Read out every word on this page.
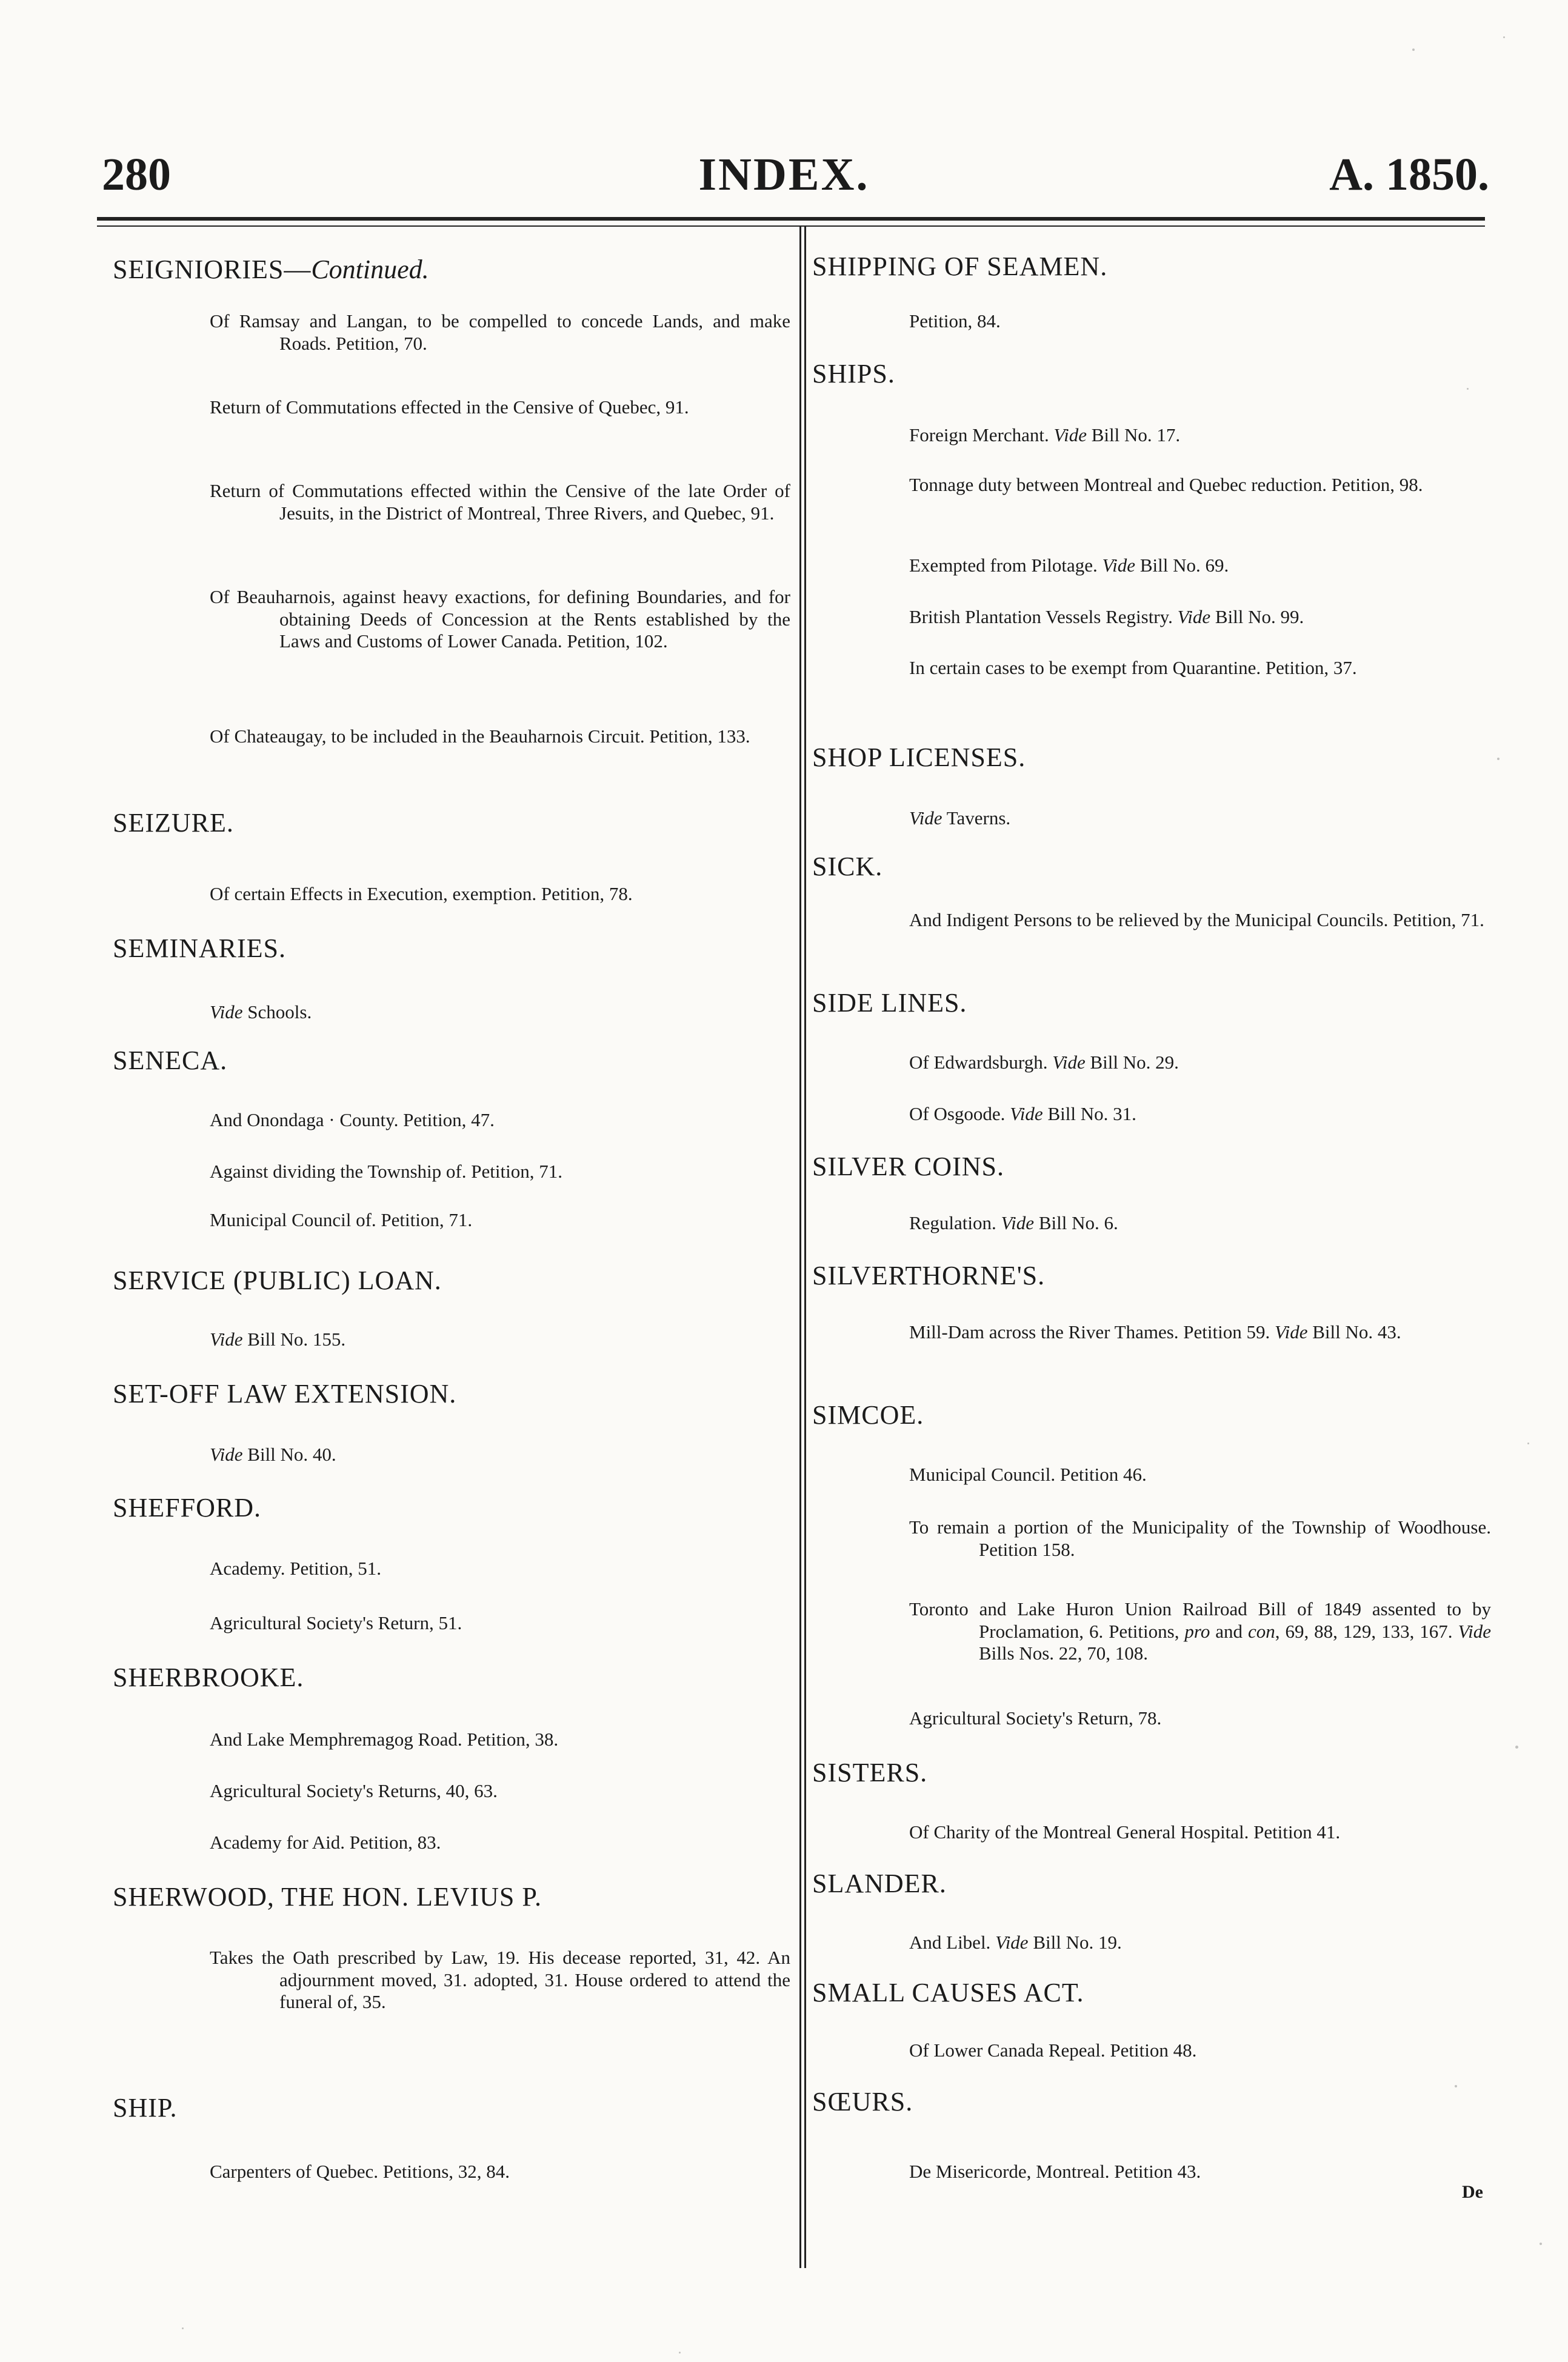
280	INDEX.	A. 1850.
SEIGNIORIES—Continued.

Of Ramsay and Langan, to be compelled to concede Lands, and make Roads. Petition, 70.

Return of Commutations effected in the Censive of Quebec, 91.

Return of Commutations effected within the Censive of the late Order of Jesuits, in the District of Montreal, Three Rivers, and Quebec, 91.

Of Beauharnois, against heavy exactions, for defining Boundaries, and for obtaining Deeds of Concession at the Rents established by the Laws and Customs of Lower Canada. Petition, 102.

Of Chateaugay, to be included in the Beauharnois Circuit. Petition, 133.

SEIZURE.

Of certain Effects in Execution, exemption. Petition, 78.

SEMINARIES.

Vide Schools.

SENECA.

And Onondaga · County. Petition, 47.

Against dividing the Township of. Petition, 71.

Municipal Council of. Petition, 71.

SERVICE (PUBLIC) LOAN.

Vide Bill No. 155.

SET-OFF LAW EXTENSION.

Vide Bill No. 40.

SHEFFORD.

Academy. Petition, 51.

Agricultural Society's Return, 51.

SHERBROOKE.

And Lake Memphremagog Road. Petition, 38.

Agricultural Society's Returns, 40, 63.

Academy for Aid. Petition, 83.

SHERWOOD, THE HON. LEVIUS P.

Takes the Oath prescribed by Law, 19. His decease reported, 31, 42. An adjournment moved, 31. adopted, 31. House ordered to attend the funeral of, 35.

SHIP.

Carpenters of Quebec. Petitions, 32, 84.

SHIPPING OF SEAMEN.

Petition, 84.

SHIPS.

Foreign Merchant. Vide Bill No. 17.

Tonnage duty between Montreal and Quebec reduction. Petition, 98.

Exempted from Pilotage. Vide Bill No. 69.

British Plantation Vessels Registry. Vide Bill No. 99.

In certain cases to be exempt from Quarantine. Petition, 37.

SHOP LICENSES.

Vide Taverns.

SICK.

And Indigent Persons to be relieved by the Municipal Councils. Petition, 71.

SIDE LINES.

Of Edwardsburgh. Vide Bill No. 29.

Of Osgoode. Vide Bill No. 31.

SILVER COINS.

Regulation. Vide Bill No. 6.

SILVERTHORNE'S.

Mill-Dam across the River Thames. Petition 59. Vide Bill No. 43.

SIMCOE.

Municipal Council. Petition 46.

To remain a portion of the Municipality of the Township of Woodhouse. Petition 158.

Toronto and Lake Huron Union Railroad Bill of 1849 assented to by Proclamation, 6. Petitions, pro and con, 69, 88, 129, 133, 167. Vide Bills Nos. 22, 70, 108.

Agricultural Society's Return, 78.

SISTERS.

Of Charity of the Montreal General Hospital. Petition 41.

SLANDER.

And Libel. Vide Bill No. 19.

SMALL CAUSES ACT.

Of Lower Canada Repeal. Petition 48.

SŒURS.

De Misericorde, Montreal. Petition 43.

De
